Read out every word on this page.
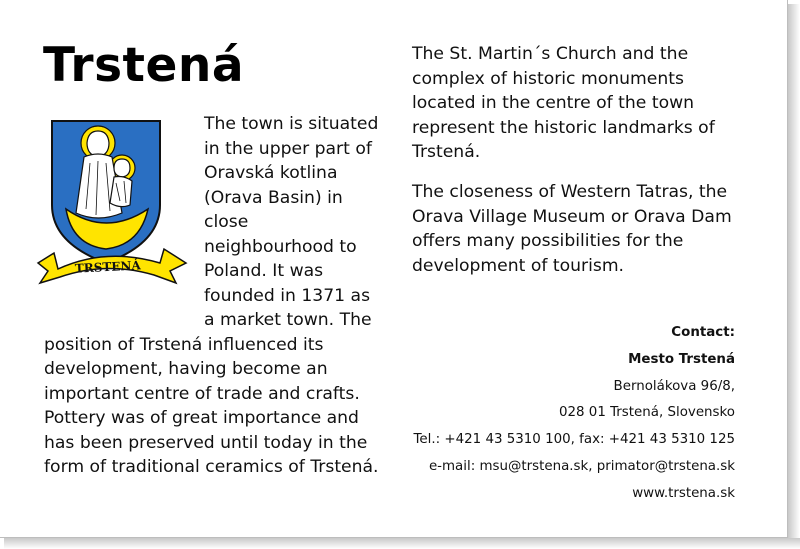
Trstená
TRSTENÁ

The town is situated in the upper part of Oravská kotlina (Orava Basin) in close neighbourhood to Poland. It was founded in 1371 as a market town. The position of Trstená influenced its development, having become an important centre of trade and crafts. Pottery was of great importance and has been preserved until today in the form of traditional ceramics of Trstená.

The St. Martin´s Church and the complex of historic monuments located in the centre of the town represent the historic landmarks of Trstená.

The closeness of Western Tatras, the Orava Village Museum or Orava Dam offers many possibilities for the development of tourism.

Contact:
Mesto Trstená
Bernolákova 96/8,
028 01 Trstená, Slovensko
Tel.: +421 43 5310 100, fax: +421 43 5310 125
e-mail: msu@trstena.sk, primator@trstena.sk
www.trstena.sk
